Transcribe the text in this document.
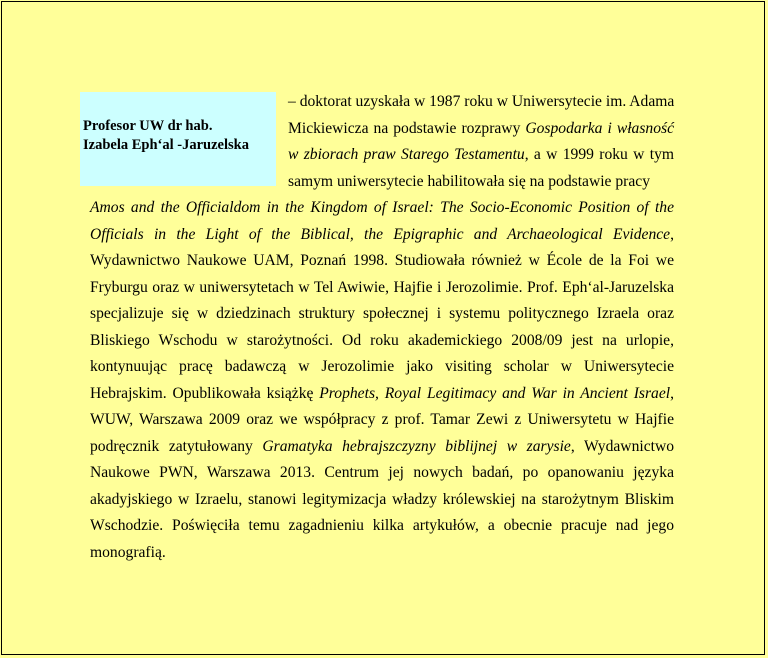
Profesor UW dr hab.
Izabela Eph‘al -Jaruzelska
– doktorat uzyskała w 1987 roku w Uniwersytecie im. Adama
Mickiewicza na podstawie rozprawy Gospodarka i własność
w zbiorach praw Starego Testamentu, a w 1999 roku w tym
samym uniwersytecie habilitowała się na podstawie pracy
Amos and the Officialdom in the Kingdom of Israel: The Socio-Economic Position of the
Officials in the Light of the Biblical, the Epigraphic and Archaeological Evidence,
Wydawnictwo Naukowe UAM, Poznań 1998. Studiowała również w École de la Foi we
Fryburgu oraz w uniwersytetach w Tel Awiwie, Hajfie i Jerozolimie. Prof. Eph‘al-Jaruzelska
specjalizuje się w dziedzinach struktury społecznej i systemu politycznego Izraela oraz
Bliskiego Wschodu w starożytności. Od roku akademickiego 2008/09 jest na urlopie,
kontynuując pracę badawczą w Jerozolimie jako visiting scholar w Uniwersytecie
Hebrajskim. Opublikowała książkę Prophets, Royal Legitimacy and War in Ancient Israel,
WUW, Warszawa 2009 oraz we współpracy z prof. Tamar Zewi z Uniwersytetu w Hajfie
podręcznik zatytułowany Gramatyka hebrajszczyzny biblijnej w zarysie, Wydawnictwo
Naukowe PWN, Warszawa 2013. Centrum jej nowych badań, po opanowaniu języka
akadyjskiego w Izraelu, stanowi legitymizacja władzy królewskiej na starożytnym Bliskim
Wschodzie. Poświęciła temu zagadnieniu kilka artykułów, a obecnie pracuje nad jego
monografią.
